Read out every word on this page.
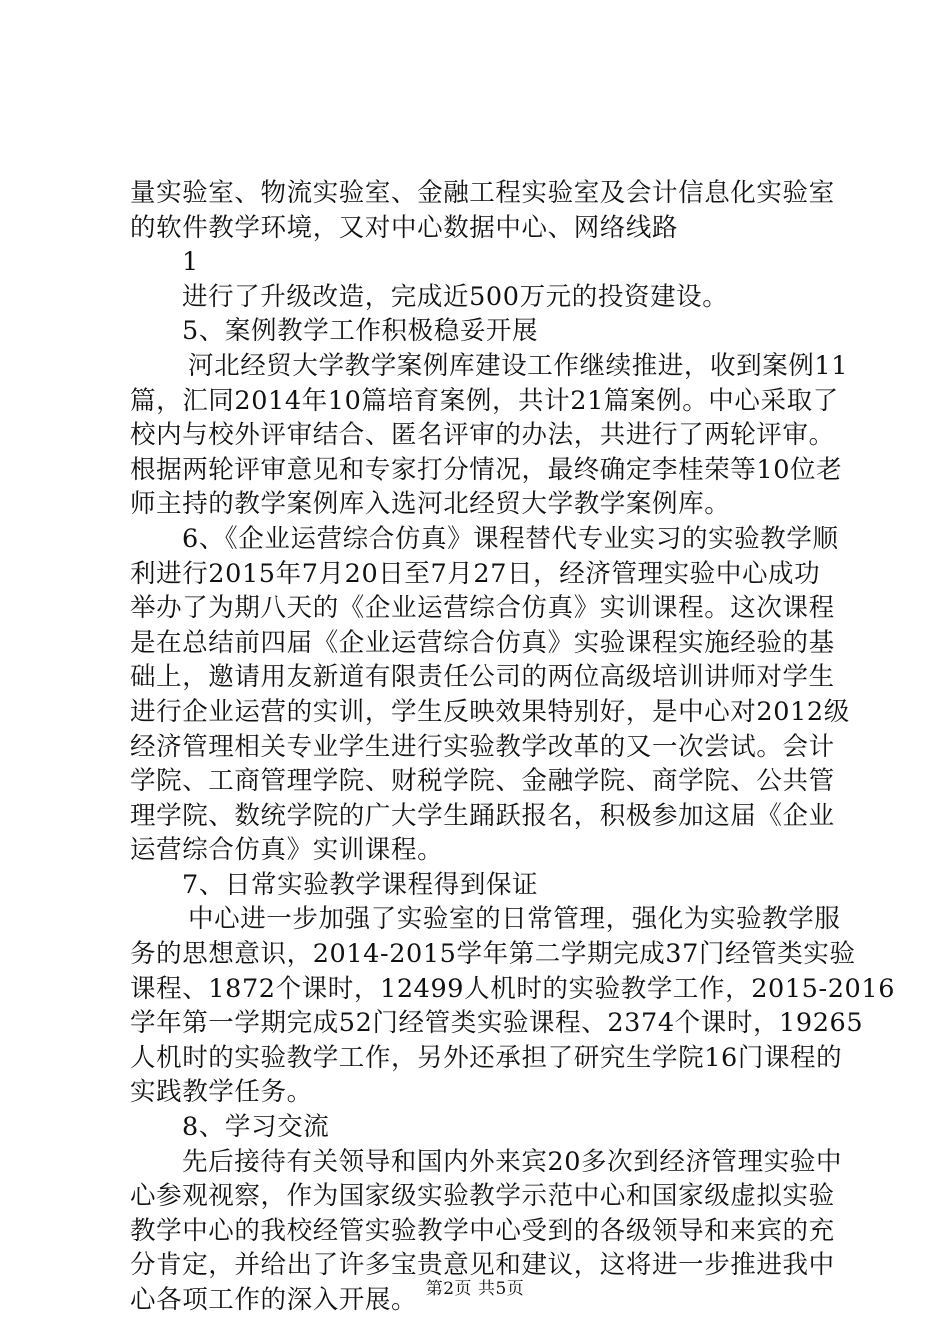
量实验室、物流实验室、金融工程实验室及会计信息化实验室
的软件教学环境，又对中心数据中心、网络线路
1
进行了升级改造，完成近500万元的投资建设。
5、案例教学工作积极稳妥开展
河北经贸大学教学案例库建设工作继续推进，收到案例11
篇，汇同2014年10篇培育案例，共计21篇案例。中心采取了
校内与校外评审结合、匿名评审的办法，共进行了两轮评审。
根据两轮评审意见和专家打分情况，最终确定李桂荣等10位老
师主持的教学案例库入选河北经贸大学教学案例库。
6、《企业运营综合仿真》课程替代专业实习的实验教学顺
利进行2015年7月20日至7月27日，经济管理实验中心成功
举办了为期八天的《企业运营综合仿真》实训课程。这次课程
是在总结前四届《企业运营综合仿真》实验课程实施经验的基
础上，邀请用友新道有限责任公司的两位高级培训讲师对学生
进行企业运营的实训，学生反映效果特别好，是中心对2012级
经济管理相关专业学生进行实验教学改革的又一次尝试。会计
学院、工商管理学院、财税学院、金融学院、商学院、公共管
理学院、数统学院的广大学生踊跃报名，积极参加这届《企业
运营综合仿真》实训课程。
7、日常实验教学课程得到保证
中心进一步加强了实验室的日常管理，强化为实验教学服
务的思想意识，2014-2015学年第二学期完成37门经管类实验
课程、1872个课时，12499人机时的实验教学工作，2015-2016
学年第一学期完成52门经管类实验课程、2374个课时，19265
人机时的实验教学工作，另外还承担了研究生学院16门课程的
实践教学任务。
8、学习交流
先后接待有关领导和国内外来宾20多次到经济管理实验中
心参观视察，作为国家级实验教学示范中心和国家级虚拟实验
教学中心的我校经管实验教学中心受到的各级领导和来宾的充
分肯定，并给出了许多宝贵意见和建议，这将进一步推进我中
心各项工作的深入开展。 第2页 共5页
